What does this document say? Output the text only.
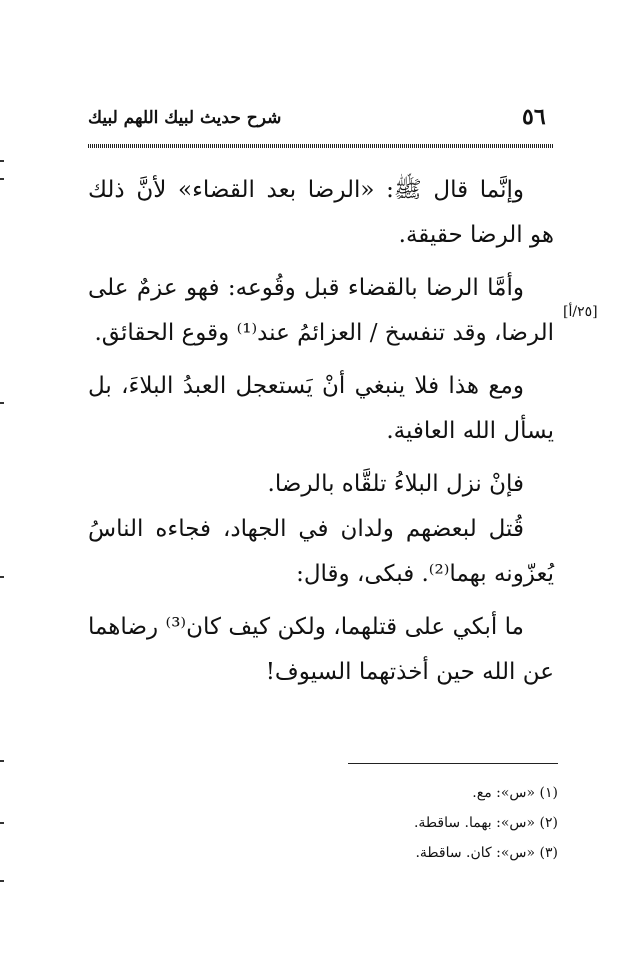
٥٦
شرح حديث لبيك اللهم لبيك
[٢٥/أ]

وإنَّما قال ﷺ: «الرضا بعد القضاء» لأنَّ ذلك هو الرضا حقيقة.

وأمَّا الرضا بالقضاء قبل وقُوعه: فهو عزمٌ على الرضا، وقد تنفسخ / العزائمُ عند⁽¹⁾ وقوع الحقائق.

ومع هذا فلا ينبغي أنْ يَستعجل العبدُ البلاءَ، بل يسأل الله العافية.

فإنْ نزل البلاءُ تلقَّاه بالرضا.

قُتل لبعضهم ولدان في الجهاد، فجاءه الناسُ يُعزّونه بهما⁽²⁾. فبكى، وقال:

ما أبكي على قتلهما، ولكن كيف كان⁽³⁾ رضاهما عن الله حين أخذتهما السيوف!

(١) «س»: مع.
(٢) «س»: بهما. ساقطة.
(٣) «س»: كان. ساقطة.
